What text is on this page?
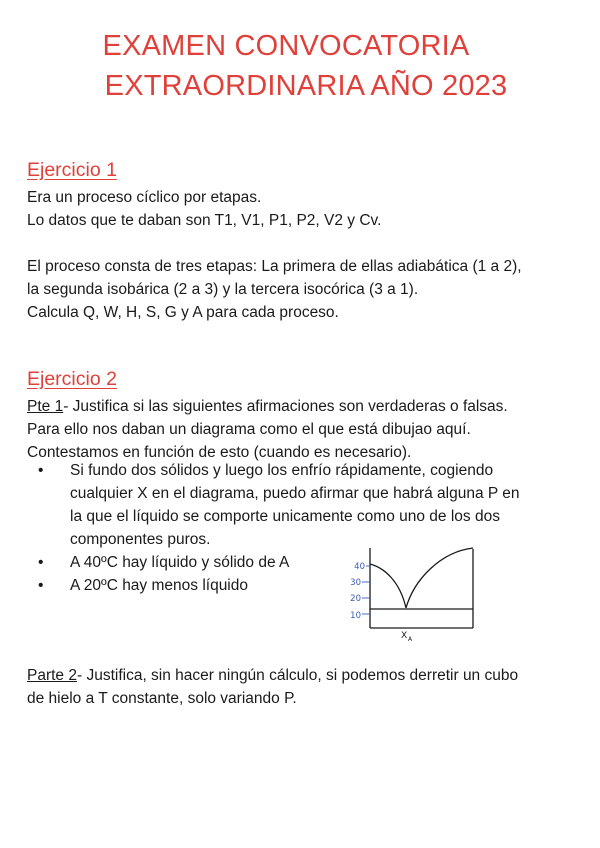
EXAMEN CONVOCATORIA
EXTRAORDINARIA AÑO 2023
Ejercicio 1

Era un proceso cíclico por etapas.
Lo datos que te daban son T1, V1, P1, P2, V2 y Cv.

El proceso consta de tres etapas: La primera de ellas adiabática (1 a 2),
la segunda isobárica (2 a 3) y la tercera isocórica (3 a 1).
Calcula Q, W, H, S, G y A para cada proceso.

Ejercicio 2

Pte 1- Justifica si las siguientes afirmaciones son verdaderas o falsas.
Para ello nos daban un diagrama como el que está dibujao aquí.
Contestamos en función de esto (cuando es necesario).

• Si fundo dos sólidos y luego los enfrío rápidamente, cogiendo
cualquier X en el diagrama, puedo afirmar que habrá alguna P en
la que el líquido se comporte unicamente como uno de los dos
componentes puros.
• A 40ºC hay líquido y sólido de A
• A 20ºC hay menos líquido
40
30
20
10
X A

Parte 2- Justifica, sin hacer ningún cálculo, si podemos derretir un cubo
de hielo a T constante, solo variando P.
